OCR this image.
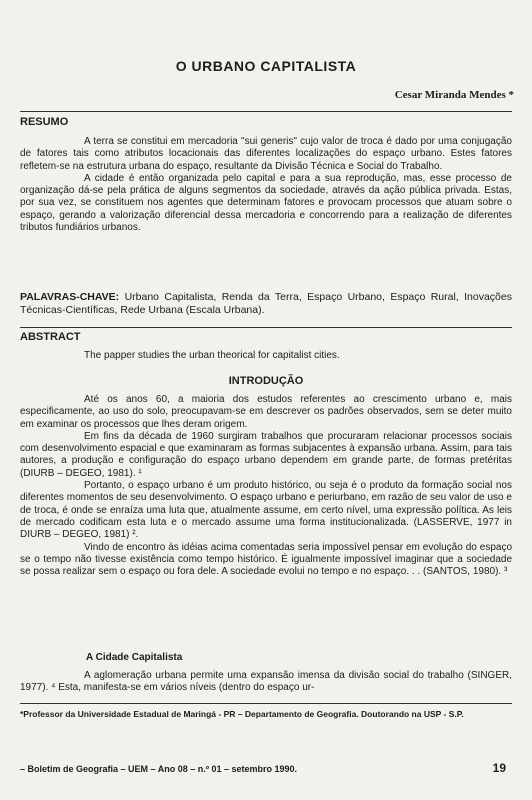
O URBANO CAPITALISTA
Cesar Miranda Mendes *
RESUMO

A terra se constitui em mercadoria "sui generis" cujo valor de troca é dado por uma conjugação de fatores tais como atributos locacionais das diferentes localizações do espaço urbano. Estes fatores refletem-se na estrutura urbana do espaço, resultante da Divisão Técnica e Social do Trabalho.

A cidade é então organizada pelo capital e para a sua reprodução, mas, esse processo de organização dá-se pela prática de alguns segmentos da sociedade, através da ação pública privada. Estas, por sua vez, se constituem nos agentes que determinam fatores e provocam processos que atuam sobre o espaço, gerando a valorização diferencial dessa mercadoria e concorrendo para a realização de diferentes tributos fundiários urbanos.

PALAVRAS-CHAVE: Urbano Capitalista, Renda da Terra, Espaço Urbano, Espaço Rural, Inovações Técnicas-Científicas, Rede Urbana (Escala Urbana).

ABSTRACT
The papper studies the urban theorical for capitalist cities.
INTRODUÇÃO

Até os anos 60, a maioria dos estudos referentes ao crescimento urbano e, mais especificamente, ao uso do solo, preocupavam-se em descrever os padrões observados, sem se deter muito em examinar os processos que lhes deram origem.

Em fins da década de 1960 surgiram trabalhos que procuraram relacionar processos sociais com desenvolvimento espacial e que examinaram as formas subjacentes à expansão urbana. Assim, para tais autores, a produção e configuração do espaço urbano dependem em grande parte, de formas pretéritas (DIURB – DEGEO, 1981). ¹

Portanto, o espaço urbano é um produto histórico, ou seja é o produto da formação social nos diferentes momentos de seu desenvolvimento. O espaço urbano e periurbano, em razão de seu valor de uso e de troca, é onde se enraíza uma luta que, atualmente assume, em certo nível, uma expressão política. As leis de mercado codificam esta luta e o mercado assume uma forma institucionalizada. (LASSERVE, 1977 in DIURB – DEGEO, 1981) ².

Vindo de encontro às idéias acima comentadas seria impossível pensar em evolução do espaço se o tempo não tivesse existência como tempo histórico. É igualmente impossível imaginar que a sociedade se possa realizar sem o espaço ou fora dele. A sociedade evolui no tempo e no espaço. . . (SANTOS, 1980). ³

A Cidade Capitalista

A aglomeração urbana permite uma expansão imensa da divisão social do trabalho (SINGER, 1977). ⁴ Esta, manifesta-se em vários níveis (dentro do espaço ur-

*Professor da Universidade Estadual de Maringá - PR – Departamento de Geografia. Doutorando na USP - S.P.
– Boletim de Geografia – UEM – Ano 08 – n.º 01 – setembro 1990.	19
